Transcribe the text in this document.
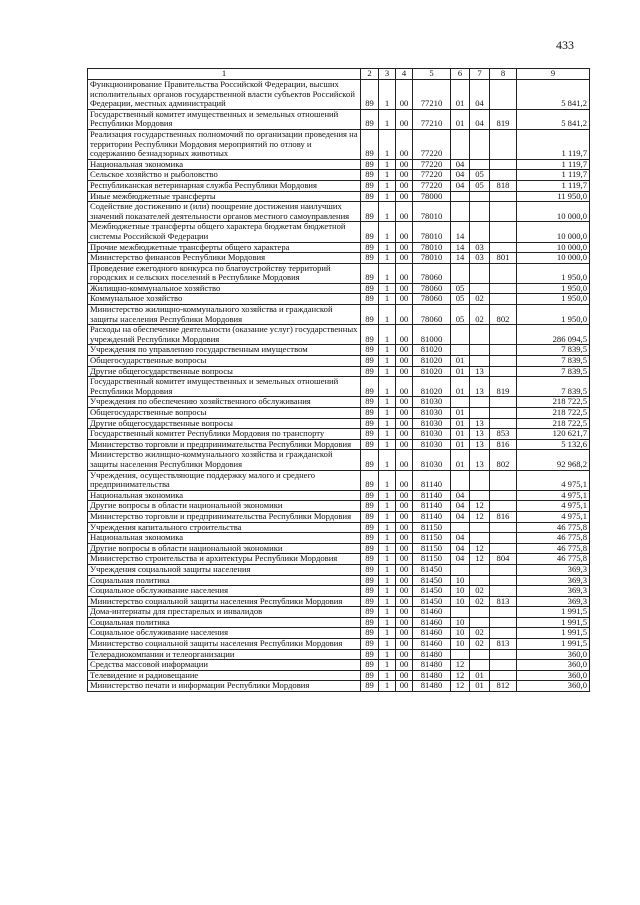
433
1	2	3	4	5	6	7	8	9
Функционирование Правительства Российской Федерации, высших исполнительных органов государственной власти субъектов Российской Федерации, местных администраций	89	1	00	77210	01	04		5 841,2
Государственный комитет имущественных и земельных отношений Республики Мордовия	89	1	00	77210	01	04	819	5 841,2
Реализация государственных полномочий по организации проведения на территории Республики Мордовия мероприятий по отлову и содержанию безнадзорных животных	89	1	00	77220				1 119,7
Национальная экономика	89	1	00	77220	04			1 119,7
Сельское хозяйство и рыболовство	89	1	00	77220	04	05		1 119,7
Республиканская ветеринарная служба Республики Мордовия	89	1	00	77220	04	05	818	1 119,7
Иные межбюджетные трансферты	89	1	00	78000				11 950,0
Содействие достижению и (или) поощрение достижения наилучших значений показателей деятельности органов местного самоуправления	89	1	00	78010				10 000,0
Межбюджетные трансферты общего характера бюджетам бюджетной системы Российской Федерации	89	1	00	78010	14			10 000,0
Прочие межбюджетные трансферты общего характера	89	1	00	78010	14	03		10 000,0
Министерство финансов Республики Мордовия	89	1	00	78010	14	03	801	10 000,0
Проведение ежегодного конкурса по благоустройству территорий городских и сельских поселений в Республике Мордовия	89	1	00	78060				1 950,0
Жилищно-коммунальное хозяйство	89	1	00	78060	05			1 950,0
Коммунальное хозяйство	89	1	00	78060	05	02		1 950,0
Министерство жилищно-коммунального хозяйства и гражданской защиты населения Республики Мордовия	89	1	00	78060	05	02	802	1 950,0
Расходы на обеспечение деятельности (оказание услуг) государственных учреждений Республики Мордовия	89	1	00	81000				286 094,5
Учреждения по управлению государственным имуществом	89	1	00	81020				7 839,5
Общегосударственные вопросы	89	1	00	81020	01			7 839,5
Другие общегосударственные вопросы	89	1	00	81020	01	13		7 839,5
Государственный комитет имущественных и земельных отношений Республики Мордовия	89	1	00	81020	01	13	819	7 839,5
Учреждения по обеспечению хозяйственного обслуживания	89	1	00	81030				218 722,5
Общегосударственные вопросы	89	1	00	81030	01			218 722,5
Другие общегосударственные вопросы	89	1	00	81030	01	13		218 722,5
Государственный комитет Республики Мордовия по транспорту	89	1	00	81030	01	13	853	120 621,7
Министерство торговли и предпринимательства Республики Мордовия	89	1	00	81030	01	13	816	5 132,6
Министерство жилищно-коммунального хозяйства и гражданской защиты населения Республики Мордовия	89	1	00	81030	01	13	802	92 968,2
Учреждения, осуществляющие поддержку малого и среднего предпринимательства	89	1	00	81140				4 975,1
Национальная экономика	89	1	00	81140	04			4 975,1
Другие вопросы в области национальной экономики	89	1	00	81140	04	12		4 975,1
Министерство торговли и предпринимательства Республики Мордовия	89	1	00	81140	04	12	816	4 975,1
Учреждения капитального строительства	89	1	00	81150				46 775,8
Национальная экономика	89	1	00	81150	04			46 775,8
Другие вопросы в области национальной экономики	89	1	00	81150	04	12		46 775,8
Министерство строительства и архитектуры Республики Мордовия	89	1	00	81150	04	12	804	46 775,8
Учреждения социальной защиты населения	89	1	00	81450				369,3
Социальная политика	89	1	00	81450	10			369,3
Социальное обслуживание населения	89	1	00	81450	10	02		369,3
Министерство социальной защиты населения Республики Мордовия	89	1	00	81450	10	02	813	369,3
Дома-интернаты для престарелых и инвалидов	89	1	00	81460				1 991,5
Социальная политика	89	1	00	81460	10			1 991,5
Социальное обслуживание населения	89	1	00	81460	10	02		1 991,5
Министерство социальной защиты населения Республики Мордовия	89	1	00	81460	10	02	813	1 991,5
Телерадиокомпании и телеорганизации	89	1	00	81480				360,0
Средства массовой информации	89	1	00	81480	12			360,0
Телевидение и радиовещание	89	1	00	81480	12	01		360,0
Министерство печати и информации Республики Мордовия	89	1	00	81480	12	01	812	360,0
